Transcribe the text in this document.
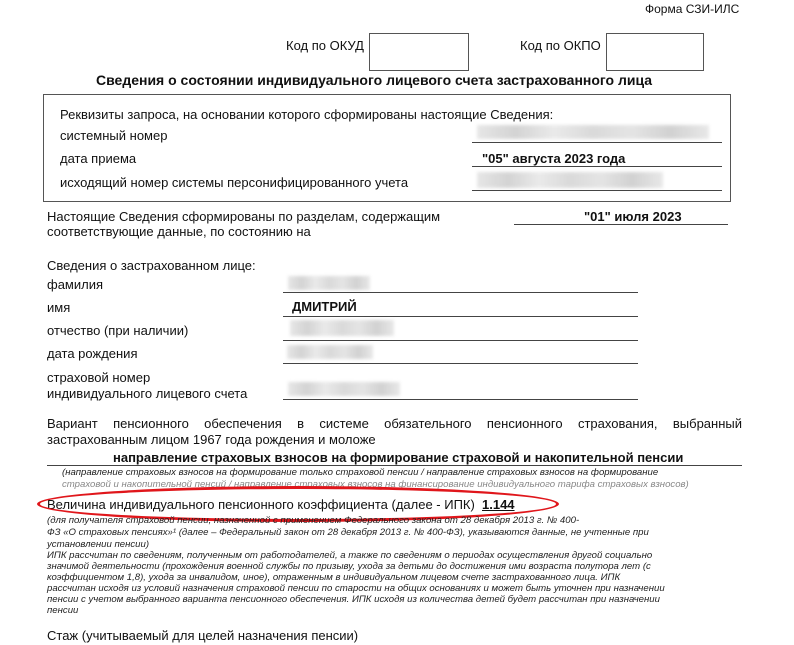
Форма СЗИ-ИЛС
Код по ОКУД	Код по ОКПО
Сведения о состоянии индивидуального лицевого счета застрахованного лица
Реквизиты запроса, на основании которого сформированы настоящие Сведения:
системный номер
дата приема	"05" августа 2023 года
исходящий номер системы персонифицированного учета
Настоящие Сведения сформированы по разделам, содержащим
соответствующие данные, по состоянию на
"01" июля 2023
Сведения о застрахованном лице:
фамилия
имя	ДМИТРИЙ
отчество (при наличии)
дата рождения
страховой номер
индивидуального лицевого счета
Вариант пенсионного обеспечения в системе обязательного пенсионного страхования, выбранный
застрахованным лицом 1967 года рождения и моложе
направление страховых взносов на формирование страховой и накопительной пенсии
(направление страховых взносов на формирование только страховой пенсии / направление страховых взносов на формирование
страховой и накопительной пенсий / направление страховых взносов на финансирование индивидуального тарифа страховых взносов)
Величина индивидуального пенсионного коэффициента (далее - ИПК) 1.144
(для получателя страховой пенсии, назначенной с применением Федерального закона от 28 декабря 2013 г. № 400-
ФЗ «О страховых пенсиях»¹ (далее – Федеральный закон от 28 декабря 2013 г. № 400-ФЗ), указываются данные, не учтенные при
установлении пенсии)
ИПК рассчитан по сведениям, полученным от работодателей, а также по сведениям о периодах осуществления другой социально
значимой деятельности (прохождения военной службы по призыву, ухода за детьми до достижения ими возраста полутора лет (с
коэффициентом 1,8), ухода за инвалидом, иное), отраженным в индивидуальном лицевом счете застрахованного лица. ИПК
рассчитан исходя из условий назначения страховой пенсии по старости на общих основаниях и может быть уточнен при назначении
пенсии с учетом выбранного варианта пенсионного обеспечения. ИПК исходя из количества детей будет рассчитан при назначении
пенсии
Стаж (учитываемый для целей назначения пенсии)
